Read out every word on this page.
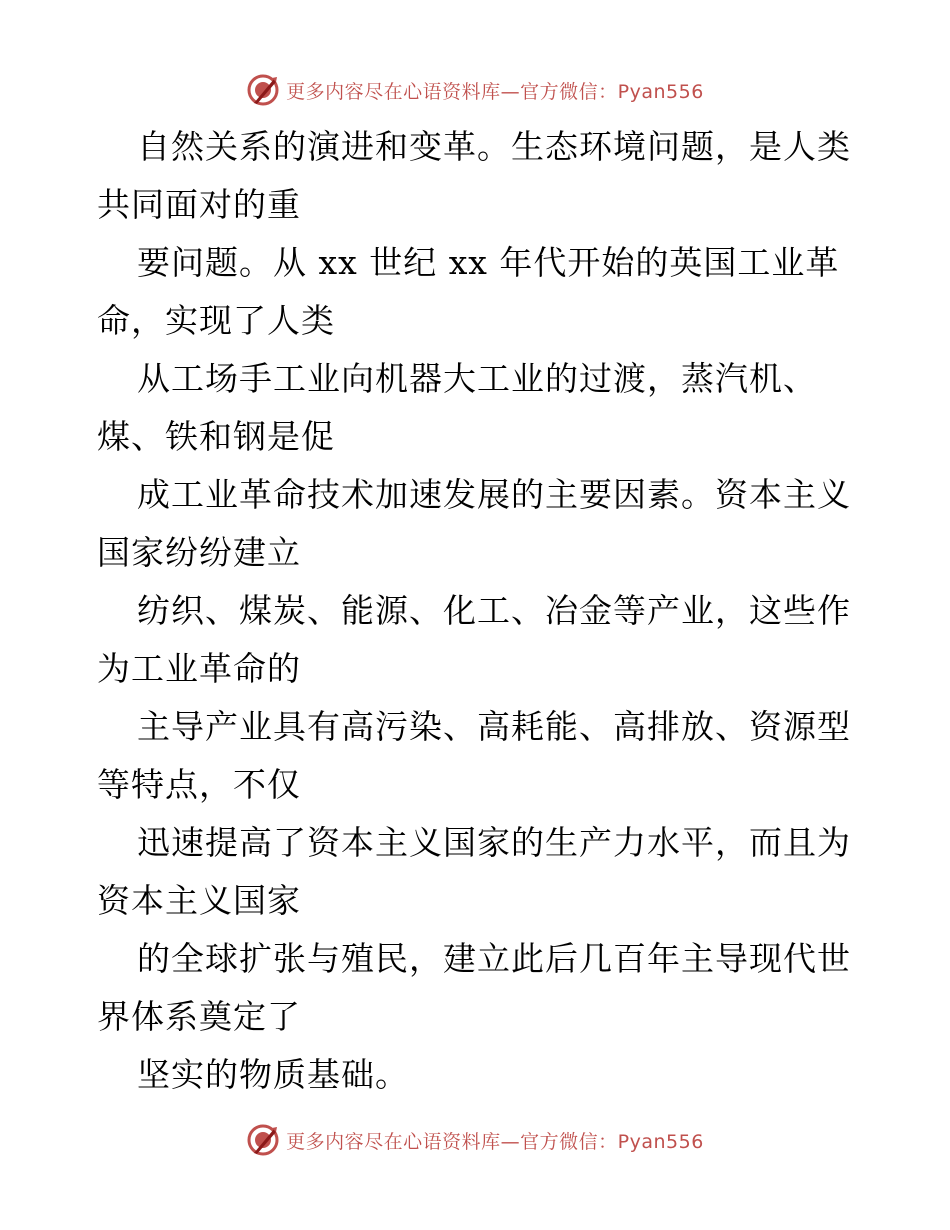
更多内容尽在心语资料库—官方微信：Pyan556
自然关系的演进和变革。生态环境问题，是人类
共同面对的重
要问题。从 xx 世纪 xx 年代开始的英国工业革
命，实现了人类
从工场手工业向机器大工业的过渡，蒸汽机、
煤、铁和钢是促
成工业革命技术加速发展的主要因素。资本主义
国家纷纷建立
纺织、煤炭、能源、化工、冶金等产业，这些作
为工业革命的
主导产业具有高污染、高耗能、高排放、资源型
等特点，不仅
迅速提高了资本主义国家的生产力水平，而且为
资本主义国家
的全球扩张与殖民，建立此后几百年主导现代世
界体系奠定了
坚实的物质基础。
更多内容尽在心语资料库—官方微信：Pyan556
